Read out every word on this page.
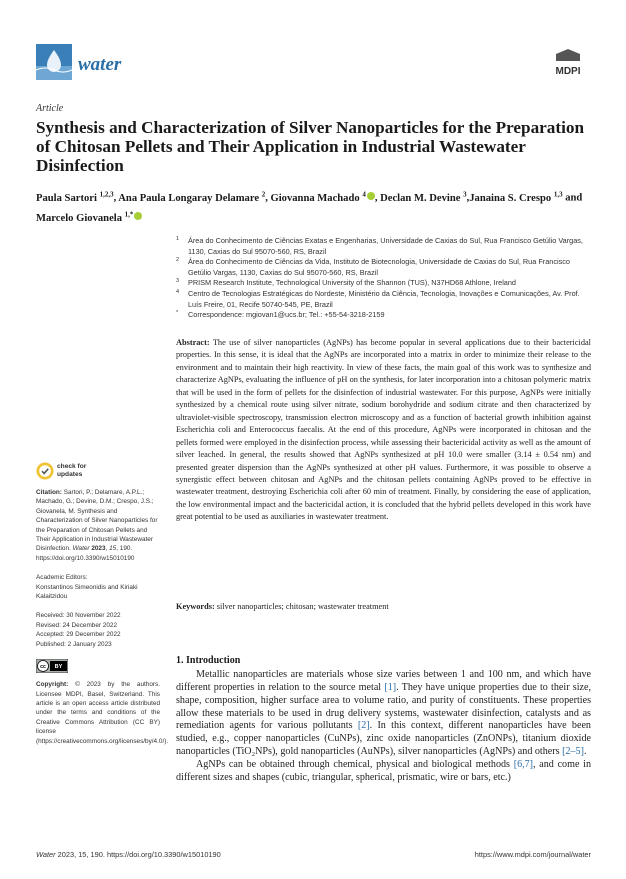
water	MDPI
Article
Synthesis and Characterization of Silver Nanoparticles for the Preparation of Chitosan Pellets and Their Application in Industrial Wastewater Disinfection
Paula Sartori $^{1,2,3}$, Ana Paula Longaray Delamare $^2$, Giovanna Machado $^4$ , Declan M. Devine $^3$,Janaina S. Crespo $^{1,3}$ and Marcelo Giovanela $^{1,*}$
1 Área do Conhecimento de Ciências Exatas e Engenharias, Universidade de Caxias do Sul, Rua Francisco Getúlio Vargas, 1130, Caxias do Sul 95070-560, RS, Brazil
2 Área do Conhecimento de Ciências da Vida, Instituto de Biotecnologia, Universidade de Caxias do Sul, Rua Francisco Getúlio Vargas, 1130, Caxias do Sul 95070-560, RS, Brazil
3 PRISM Research Institute, Technological University of the Shannon (TUS), N37HD68 Athlone, Ireland
4 Centro de Tecnologias Estratégicas do Nordeste, Ministério da Ciência, Tecnologia, Inovações e Comunicações, Av. Prof. Luís Freire, 01, Recife 50740-545, PE, Brazil
* Correspondence: mgiovan1@ucs.br; Tel.: +55-54-3218-2159
Abstract: The use of silver nanoparticles (AgNPs) has become popular in several applications due to their bactericidal properties. In this sense, it is ideal that the AgNPs are incorporated into a matrix in order to minimize their release to the environment and to maintain their high reactivity. In view of these facts, the main goal of this work was to synthesize and characterize AgNPs, evaluating the influence of pH on the synthesis, for later incorporation into a chitosan polymeric matrix that will be used in the form of pellets for the disinfection of industrial wastewater. For this purpose, AgNPs were initially synthesized by a chemical route using silver nitrate, sodium borohydride and sodium citrate and then characterized by ultraviolet-visible spectroscopy, transmission electron microscopy and as a function of bacterial growth inhibition against Escherichia coli and Enterococcus faecalis. At the end of this procedure, AgNPs were incorporated in chitosan and the pellets formed were employed in the disinfection process, while assessing their bactericidal activity as well as the amount of silver leached. In general, the results showed that AgNPs synthesized at pH 10.0 were smaller (3.14 ± 0.54 nm) and presented greater dispersion than the AgNPs synthesized at other pH values. Furthermore, it was possible to observe a synergistic effect between chitosan and AgNPs and the chitosan pellets containing AgNPs proved to be effective in wastewater treatment, destroying Escherichia coli after 60 min of treatment. Finally, by considering the ease of application, the low environmental impact and the bactericidal action, it is concluded that the hybrid pellets developed in this work have great potential to be used as auxiliaries in wastewater treatment.
Keywords: silver nanoparticles; chitosan; wastewater treatment
check for
updates
Citation: Sartori, P.; Delamare, A.P.L.; Machado, G.; Devine, D.M.; Crespo, J.S.; Giovanela, M. Synthesis and Characterization of Silver Nanoparticles for the Preparation of Chitosan Pellets and Their Application in Industrial Wastewater Disinfection. Water 2023, 15, 190. https://doi.org/10.3390/w15010190
Academic Editors:
Konstantinos Simeonidis and Kiriaki Kalaitzidou
Received: 30 November 2022
Revised: 24 December 2022
Accepted: 29 December 2022
Published: 2 January 2023
cc BY
Copyright: © 2023 by the authors. Licensee MDPI, Basel, Switzerland. This article is an open access article distributed under the terms and conditions of the Creative Commons Attribution (CC BY) license (https://creativecommons.org/licenses/by/4.0/).
1. Introduction

Metallic nanoparticles are materials whose size varies between 1 and 100 nm, and which have different properties in relation to the source metal [1]. They have unique properties due to their size, shape, composition, higher surface area to volume ratio, and purity of constituents. These properties allow these materials to be used in drug delivery systems, wastewater disinfection, catalysts and as remediation agents for various pollutants [2]. In this context, different nanoparticles have been studied, e.g., copper nanoparticles (CuNPs), zinc oxide nanoparticles (ZnONPs), titanium dioxide nanoparticles (TiO₂NPs), gold nanoparticles (AuNPs), silver nanoparticles (AgNPs) and others [2–5].

AgNPs can be obtained through chemical, physical and biological methods [6,7], and come in different sizes and shapes (cubic, triangular, spherical, prismatic, wire or bars, etc.)

Water 2023, 15, 190. https://doi.org/10.3390/w15010190	https://www.mdpi.com/journal/water
